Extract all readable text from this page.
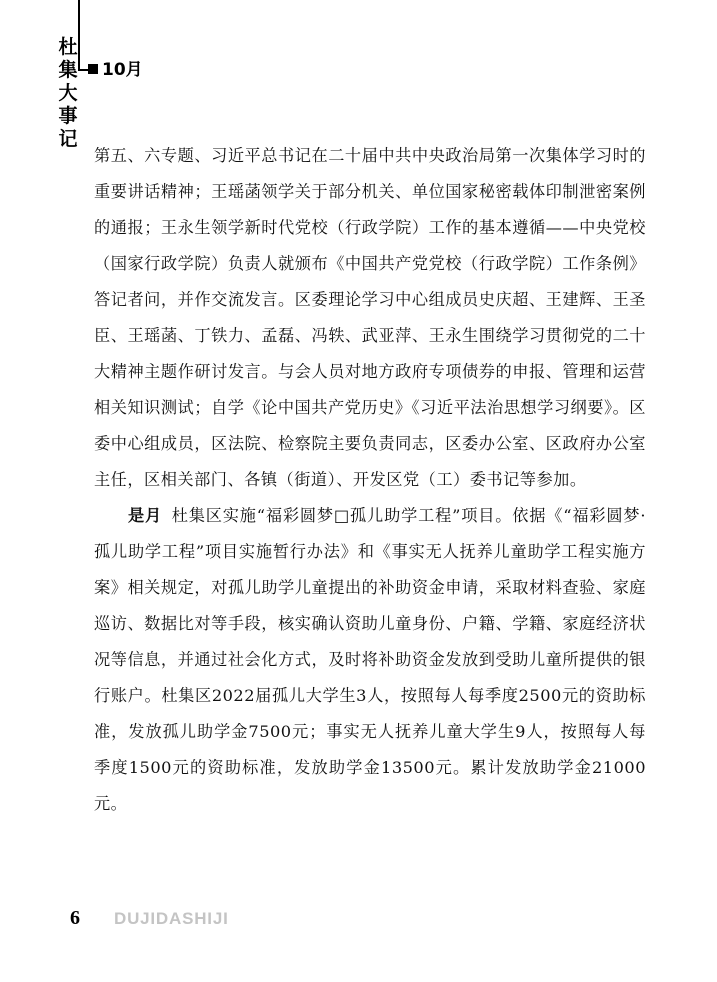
杜
集
大
事
记
10月

第五、六专题、习近平总书记在二十届中共中央政治局第一次集体学习时的重要讲话精神；王瑶菡领学关于部分机关、单位国家秘密载体印制泄密案例的通报；王永生领学新时代党校（行政学院）工作的基本遵循——中央党校（国家行政学院）负责人就颁布《中国共产党党校（行政学院）工作条例》答记者问，并作交流发言。区委理论学习中心组成员史庆超、王建辉、王圣臣、王瑶菡、丁铁力、孟磊、冯轶、武亚萍、王永生围绕学习贯彻党的二十大精神主题作研讨发言。与会人员对地方政府专项债券的申报、管理和运营相关知识测试；自学《论中国共产党历史》《习近平法治思想学习纲要》。区委中心组成员，区法院、检察院主要负责同志，区委办公室、区政府办公室主任，区相关部门、各镇（街道）、开发区党（工）委书记等参加。

是月 杜集区实施“福彩圆梦□孤儿助学工程”项目。依据《“福彩圆梦·孤儿助学工程”项目实施暂行办法》和《事实无人抚养儿童助学工程实施方案》相关规定，对孤儿助学儿童提出的补助资金申请，采取材料查验、家庭巡访、数据比对等手段，核实确认资助儿童身份、户籍、学籍、家庭经济状况等信息，并通过社会化方式，及时将补助资金发放到受助儿童所提供的银行账户。杜集区2022届孤儿大学生3人，按照每人每季度2500元的资助标准，发放孤儿助学金7500元；事实无人抚养儿童大学生9人，按照每人每季度1500元的资助标准，发放助学金13500元。累计发放助学金21000元。

6 DUJIDASHIJI
